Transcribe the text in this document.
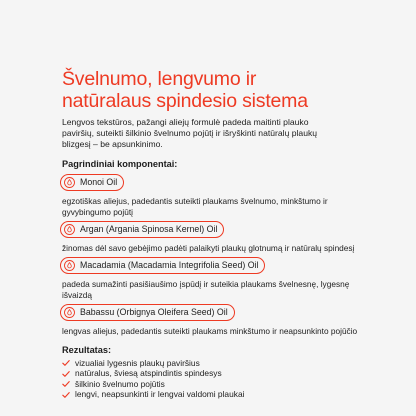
Švelnumo, lengvumo ir
natūralaus spindesio sistema

Lengvos tekstūros, pažangi aliejų formulė padeda maitinti plauko
paviršių, suteikti šilkinio švelnumo pojūtį ir išryškinti natūralų plaukų
blizgesį – be apsunkinimo.

Pagrindiniai komponentai:
Monoi Oil

egzotiškas aliejus, padedantis suteikti plaukams švelnumo, minkštumo ir
gyvybingumo pojūtį

Argan (Argania Spinosa Kernel) Oil

žinomas dėl savo gebėjimo padėti palaikyti plaukų glotnumą ir natūralų spindesį

Macadamia (Macadamia Integrifolia Seed) Oil

padeda sumažinti pasišiaušimo įspūdį ir suteikia plaukams švelnesnę, lygesnę
išvaizdą

Babassu (Orbignya Oleifera Seed) Oil

lengvas aliejus, padedantis suteikti plaukams minkštumo ir neapsunkinto pojūčio

Rezultatas:
vizualiai lygesnis plaukų paviršius
natūralus, šviesą atspindintis spindesys
šilkinio švelnumo pojūtis
lengvi, neapsunkinti ir lengvai valdomi plaukai
